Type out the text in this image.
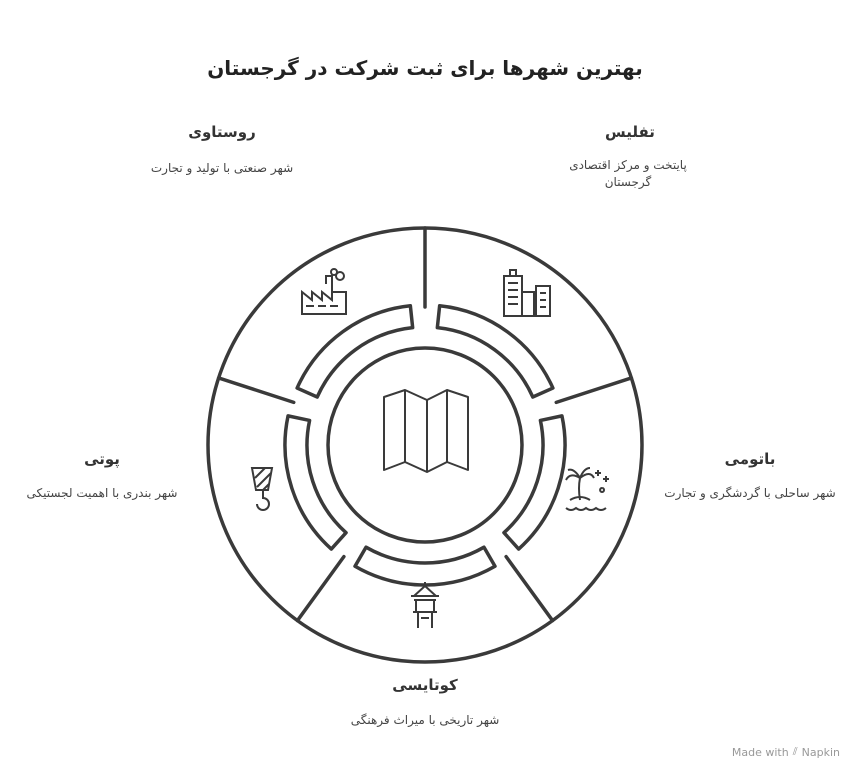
بهترین شهرها برای ثبت شرکت در گرجستان
تفلیس
پایتخت و مرکز اقتصادی گرجستان
باتومی
شهر ساحلی با گردشگری و تجارت
کوتایسی
شهر تاریخی با میراث فرهنگی
پوتی
شهر بندری با اهمیت لجستیکی
روستاوی
شهر صنعتی با تولید و تجارت
Made with ⫽ Napkin
